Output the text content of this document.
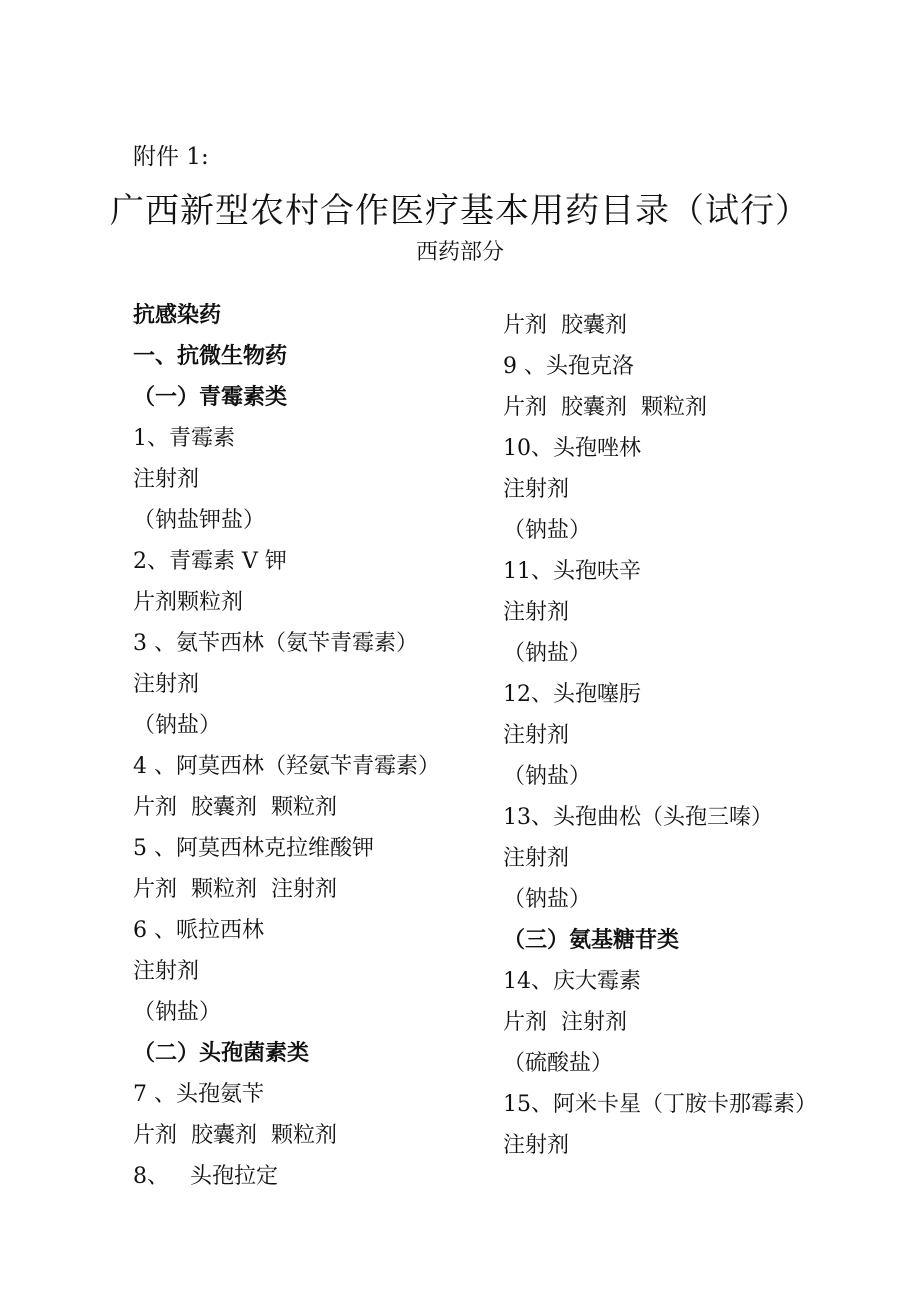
附件 1:
广西新型农村合作医疗基本用药目录（试行）
西药部分
抗感染药
一、抗微生物药
（一）青霉素类
1、青霉素
注射剂
（钠盐钾盐）
2、青霉素 V 钾
片剂颗粒剂
3 、氨苄西林（氨苄青霉素）
注射剂
（钠盐）
4 、阿莫西林（羟氨苄青霉素）
片剂  胶囊剂  颗粒剂
5 、阿莫西林克拉维酸钾
片剂  颗粒剂  注射剂
6 、哌拉西林
注射剂
（钠盐）
（二）头孢菌素类
7 、头孢氨苄
片剂  胶囊剂  颗粒剂
8、   头孢拉定
片剂  胶囊剂
9 、头孢克洛
片剂  胶囊剂  颗粒剂
10、头孢唑林
注射剂
（钠盐）
11、头孢呋辛
注射剂
（钠盐）
12、头孢噻肟
注射剂
（钠盐）
13、头孢曲松（头孢三嗪）
注射剂
（钠盐）
（三）氨基糖苷类
14、庆大霉素
片剂  注射剂
（硫酸盐）
15、阿米卡星（丁胺卡那霉素）
注射剂
